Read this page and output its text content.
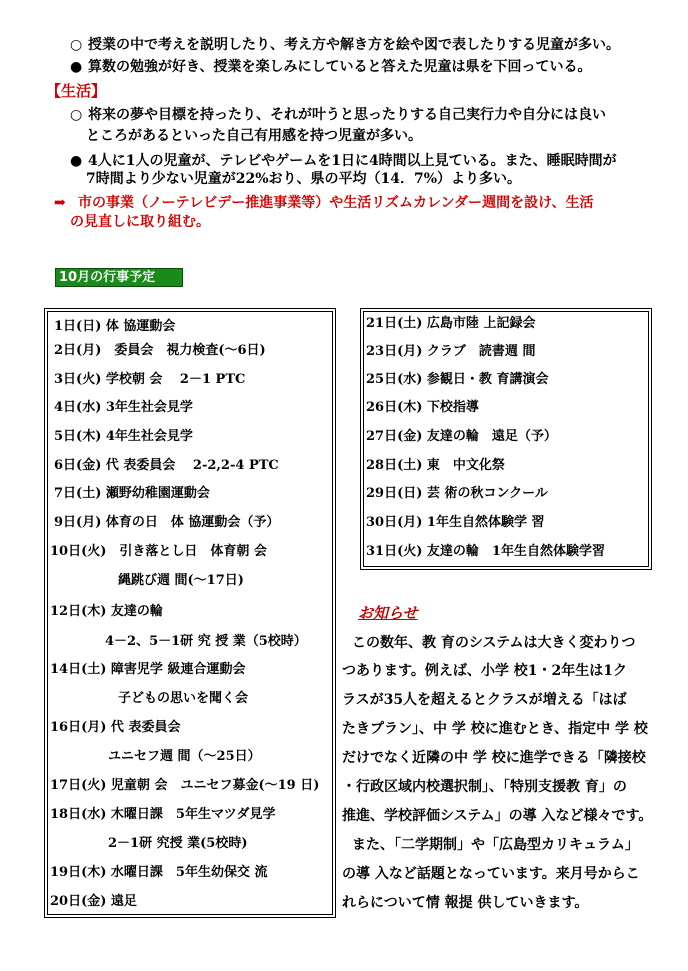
○ 授業の中で考えを説明したり、考え方や解き方を絵や図で表したりする児童が多い。
● 算数の勉強が好き、授業を楽しみにしていると答えた児童は県を下回っている。
【生活】
○ 将来の夢や目標を持ったり、それが叶うと思ったりする自己実行力や自分には良い
ところがあるといった自己有用感を持つ児童が多い。
● 4人に1人の児童が、テレビやゲームを1日に4時間以上見ている。また、睡眠時間が
7時間より少ない児童が22%おり、県の平均（14．7%）より多い。
➡ 市の事業（ノーテレビデー推進事業等）や生活リズムカレンダー週間を設け、生活
の見直しに取り組む。
10月の行事予定
1日(日) 体 協運動会
2日(月)　委員会　視力検査(～6日)
3日(火) 学校朝 会　 2－1 PTC
4日(水) 3年生社会見学
5日(木) 4年生社会見学
6日(金) 代 表委員会　 2-2,2-4 PTC
7日(土) 瀬野幼稚園運動会
9日(月) 体育の日　体 協運動会（予）
10日(火)　引き落とし日　体育朝 会
縄跳び週 間(～17日)
12日(木) 友達の輪
4－2、5－1研 究 授 業（5校時）
14日(土) 障害児学 級連合運動会
子どもの思いを聞く会
16日(月) 代 表委員会
ユニセフ週 間（～25日）
17日(火) 児童朝 会　ユニセフ募金(～19 日)
18日(水) 木曜日課　5年生マツダ見学
2－1研 究授 業(5校時)
19日(木) 水曜日課　5年生幼保交 流
20日(金) 遠足
21日(土) 広島市陸 上記録会
23日(月) クラブ　読書週 間
25日(水) 参観日・教 育講演会
26日(木) 下校指導
27日(金) 友達の輪　遠足（予）
28日(土) 東　中文化祭
29日(日) 芸 術の秋コンクール
30日(月) 1年生自然体験学 習
31日(火) 友達の輪　1年生自然体験学習
お知らせ
この数年、教 育のシステムは大きく変わりつ
つあります。例えば、小学 校1・2年生は1ク
ラスが35人を超えるとクラスが増える「はば
たきプラン」、中 学 校に進むとき、指定中 学 校
だけでなく近隣の中 学 校に進学できる「隣接校
・行政区域内校選択制」、「特別支援教 育」の
推進、学校評価システム」の導 入など様々です。
また、「二学期制」や「広島型カリキュラム」
の導 入など話題となっています。来月号からこ
れらについて情 報提 供していきます。
